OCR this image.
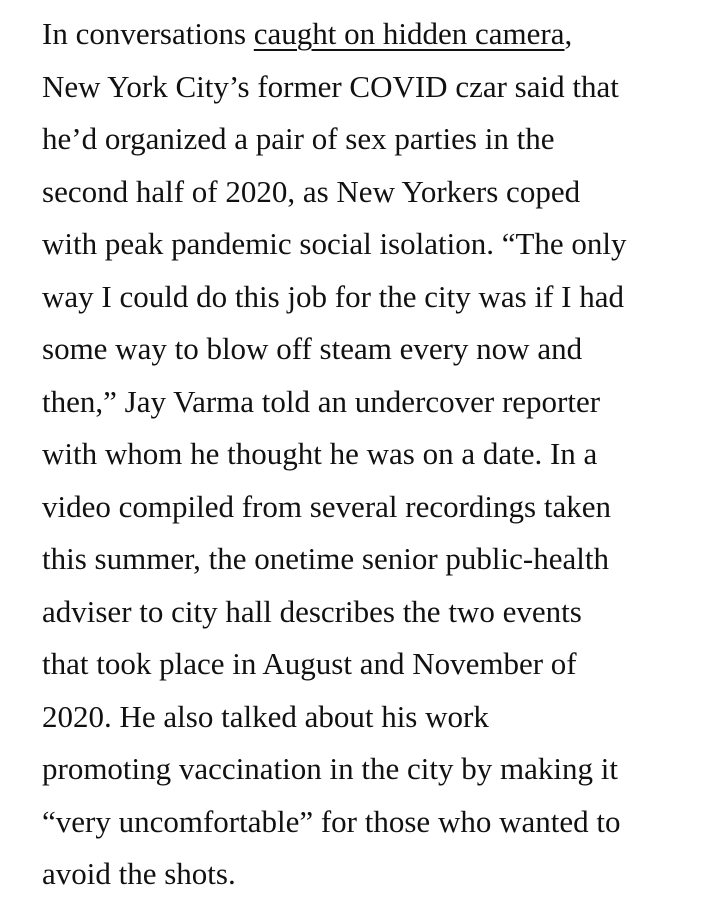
In conversations caught on hidden camera,
New York City’s former COVID czar said that
he’d organized a pair of sex parties in the
second half of 2020, as New Yorkers coped
with peak pandemic social isolation. “The only
way I could do this job for the city was if I had
some way to blow off steam every now and
then,” Jay Varma told an undercover reporter
with whom he thought he was on a date. In a
video compiled from several recordings taken
this summer, the onetime senior public-health
adviser to city hall describes the two events
that took place in August and November of
2020. He also talked about his work
promoting vaccination in the city by making it
“very uncomfortable” for those who wanted to
avoid the shots.
